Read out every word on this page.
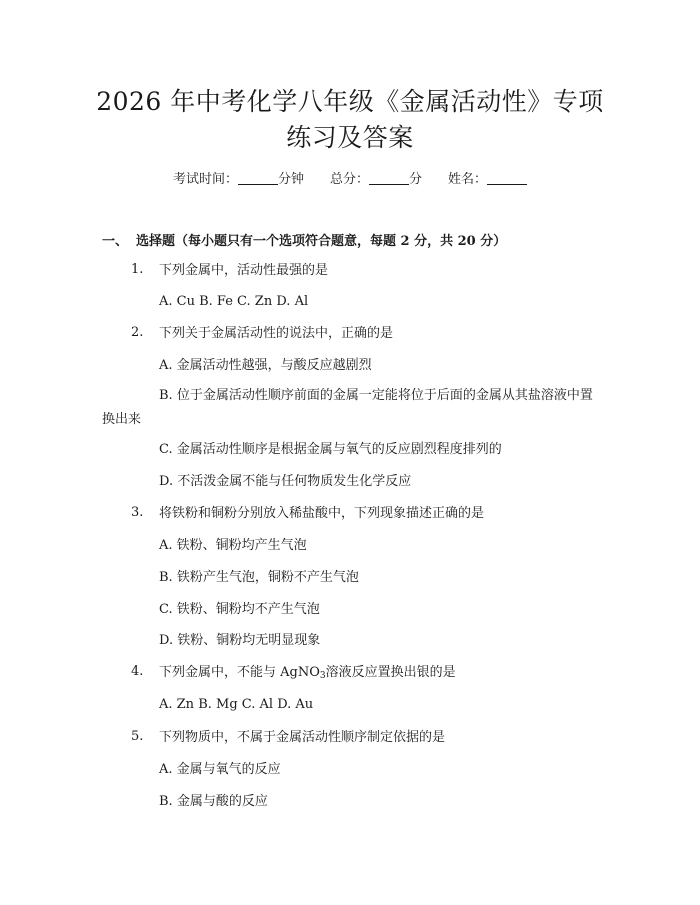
2026 年中考化学八年级《金属活动性》专项
练习及答案
考试时间：	分钟 总分：	分 姓名：
一、 选择题（每小题只有一个选项符合题意，每题 2 分，共 20 分）
1. 下列金属中，活动性最强的是
A. Cu B. Fe C. Zn D. Al
2. 下列关于金属活动性的说法中，正确的是
A. 金属活动性越强，与酸反应越剧烈
B. 位于金属活动性顺序前面的金属一定能将位于后面的金属从其盐溶液中置换出来
C. 金属活动性顺序是根据金属与氧气的反应剧烈程度排列的
D. 不活泼金属不能与任何物质发生化学反应
3. 将铁粉和铜粉分别放入稀盐酸中，下列现象描述正确的是
A. 铁粉、铜粉均产生气泡
B. 铁粉产生气泡，铜粉不产生气泡
C. 铁粉、铜粉均不产生气泡
D. 铁粉、铜粉均无明显现象
4. 下列金属中，不能与 AgNO$_3$溶液反应置换出银的是
A. Zn B. Mg C. Al D. Au
5. 下列物质中，不属于金属活动性顺序制定依据的是
A. 金属与氧气的反应
B. 金属与酸的反应
